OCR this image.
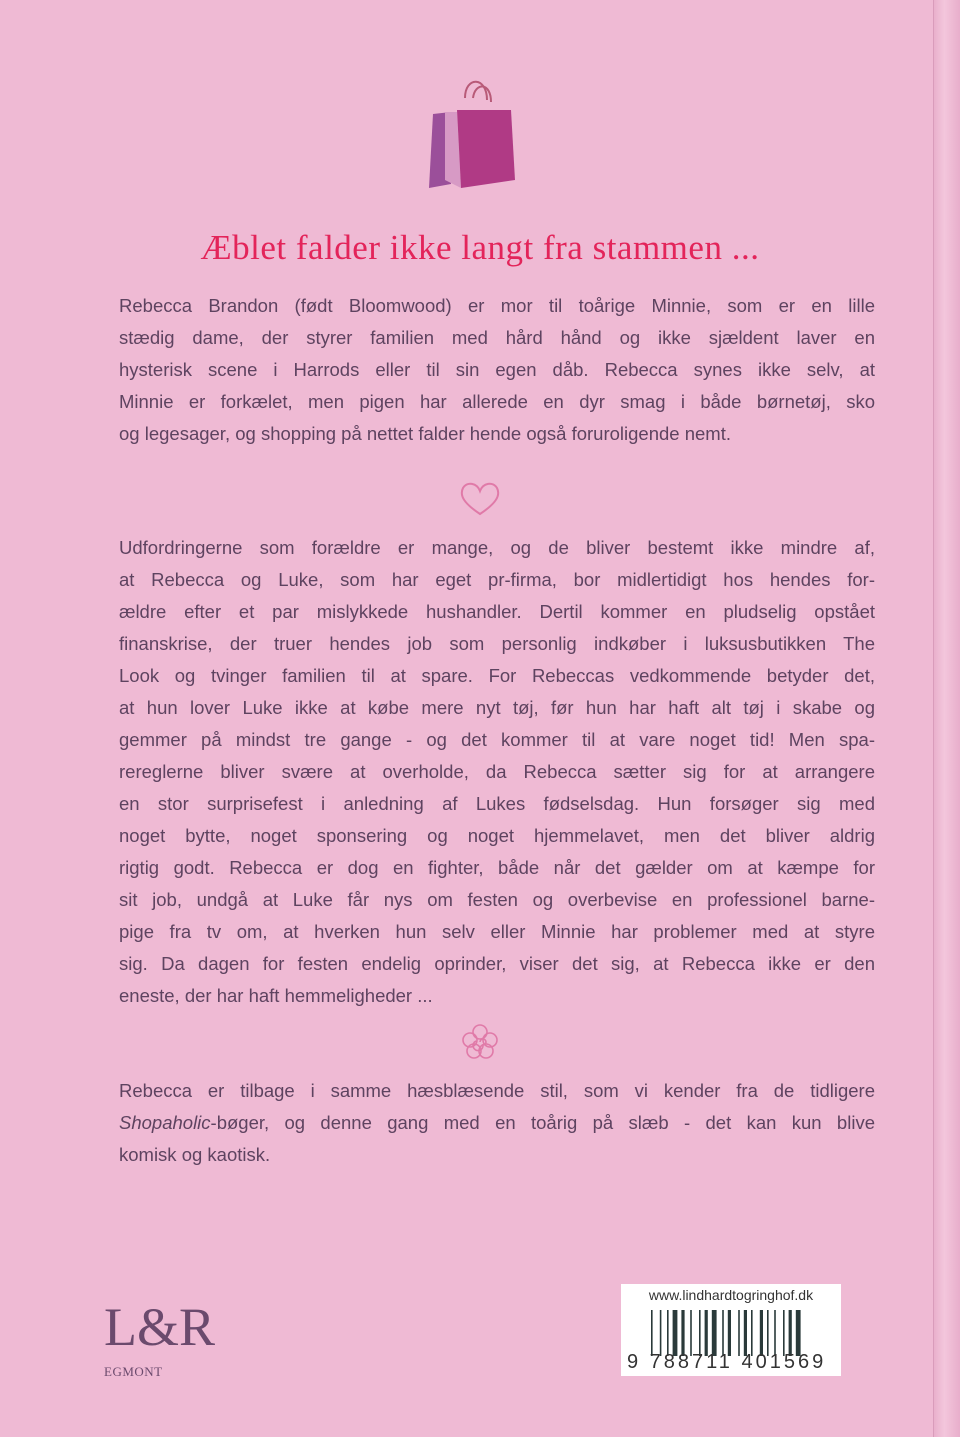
Æblet falder ikke langt fra stammen ...
Rebecca Brandon (født Bloomwood) er mor til toårige Minnie, som er en lille
stædig dame, der styrer familien med hård hånd og ikke sjældent laver en
hysterisk scene i Harrods eller til sin egen dåb. Rebecca synes ikke selv, at
Minnie er forkælet, men pigen har allerede en dyr smag i både børnetøj, sko
og legesager, og shopping på nettet falder hende også foruroligende nemt.
Udfordringerne som forældre er mange, og de bliver bestemt ikke mindre af,
at Rebecca og Luke, som har eget pr-firma, bor midlertidigt hos hendes for-
ældre efter et par mislykkede hushandler. Dertil kommer en pludselig opstået
finanskrise, der truer hendes job som personlig indkøber i luksusbutikken The
Look og tvinger familien til at spare. For Rebeccas vedkommende betyder det,
at hun lover Luke ikke at købe mere nyt tøj, før hun har haft alt tøj i skabe og
gemmer på mindst tre gange - og det kommer til at vare noget tid! Men spa-
rereglerne bliver svære at overholde, da Rebecca sætter sig for at arrangere
en stor surprisefest i anledning af Lukes fødselsdag. Hun forsøger sig med
noget bytte, noget sponsering og noget hjemmelavet, men det bliver aldrig
rigtig godt. Rebecca er dog en fighter, både når det gælder om at kæmpe for
sit job, undgå at Luke får nys om festen og overbevise en professionel barne-
pige fra tv om, at hverken hun selv eller Minnie har problemer med at styre
sig. Da dagen for festen endelig oprinder, viser det sig, at Rebecca ikke er den
eneste, der har haft hemmeligheder ...
Rebecca er tilbage i samme hæsblæsende stil, som vi kender fra de tidligere
Shopaholic-bøger, og denne gang med en toårig på slæb - det kan kun blive
komisk og kaotisk.
L&R
EGMONT
www.lindhardtogringhof.dk
9 788711 401569
